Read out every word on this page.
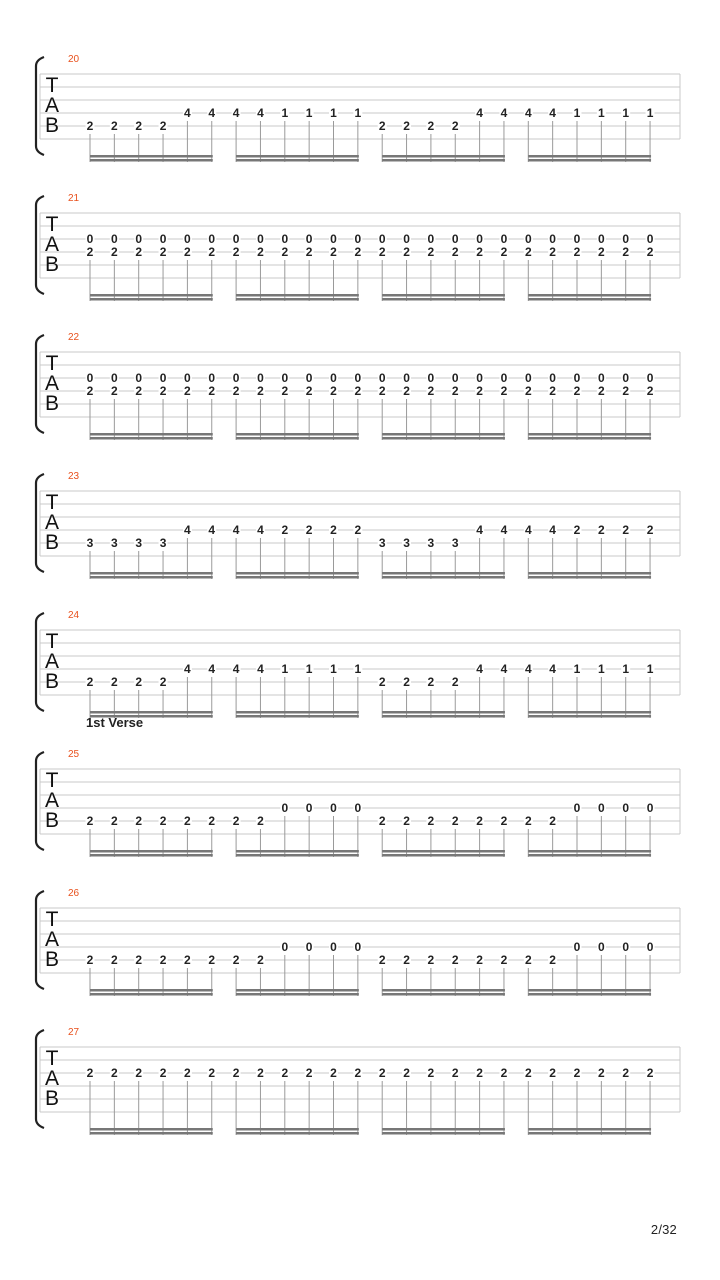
20
T
A
B 2 2 2 2
4 4 4 4 1 1 1 1
2 2 2 2
4 4 4 4 1 1 1 1
21
T
A
B
0
2
0
2
0
2
0
2
0
2
0
2
0
2
0
2
0
2
0
2
0
2
0
2
0
2
0
2
0
2
0
2
0
2
0
2
0
2
0
2
0
2
0
2
0
2
0
2
22
T
A
B
0
2
0
2
0
2
0
2
0
2
0
2
0
2
0
2
0
2
0
2
0
2
0
2
0
2
0
2
0
2
0
2
0
2
0
2
0
2
0
2
0
2
0
2
0
2
0
2
23
T
A
B 3 3 3 3
4 4 4 4 2 2 2 2
3 3 3 3
4 4 4 4 2 2 2 2
24
T
A
B 2 2 2 2
4 4 4 4 1 1 1 1
2 2 2 2
4 4 4 4 1 1 1 1
1st Verse
25
T
A
B 2 2 2 2 2 2 2 2
0 0 0 0
2 2 2 2 2 2 2 2
0 0 0 0
26
T
A
B 2 2 2 2 2 2 2 2
0 0 0 0
2 2 2 2 2 2 2 2
0 0 0 0
27
T
A
B
2 2 2 2 2 2 2 2 2 2 2 2 2 2 2 2 2 2 2 2 2 2 2 2
2/32
